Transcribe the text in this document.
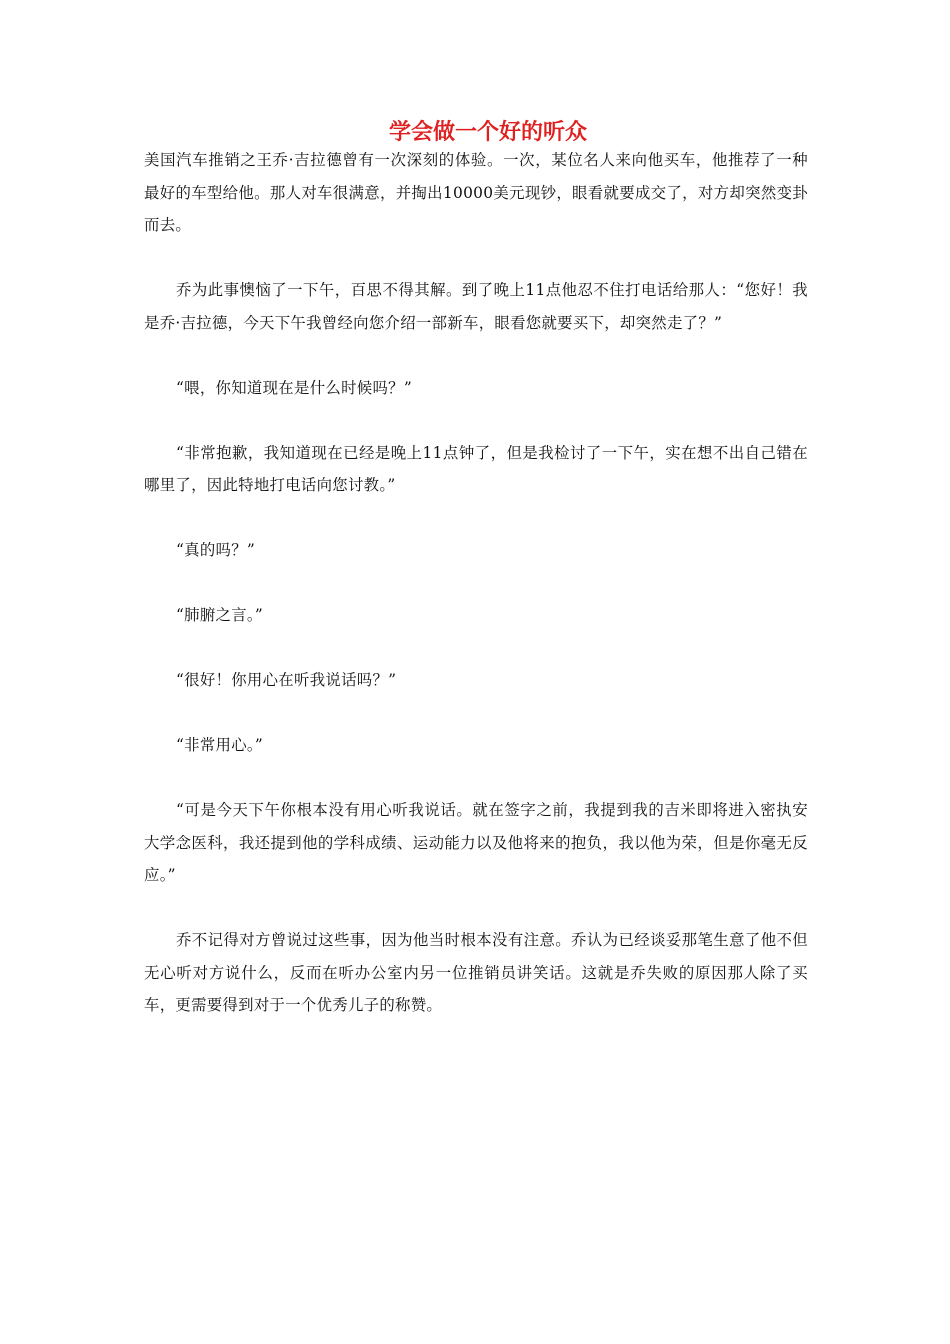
学会做一个好的听众

美国汽车推销之王乔·吉拉德曾有一次深刻的体验。一次，某位名人来向他买车，他推荐了一种最好的车型给他。那人对车很满意，并掏出10000美元现钞，眼看就要成交了，对方却突然变卦而去。

乔为此事懊恼了一下午，百思不得其解。到了晚上11点他忍不住打电话给那人：“您好！我是乔·吉拉德，今天下午我曾经向您介绍一部新车，眼看您就要买下，却突然走了？”

“喂，你知道现在是什么时候吗？”

“非常抱歉，我知道现在已经是晚上11点钟了，但是我检讨了一下午，实在想不出自己错在哪里了，因此特地打电话向您讨教。”

“真的吗？”

“肺腑之言。”

“很好！你用心在听我说话吗？”

“非常用心。”

“可是今天下午你根本没有用心听我说话。就在签字之前，我提到我的吉米即将进入密执安大学念医科，我还提到他的学科成绩、运动能力以及他将来的抱负，我以他为荣，但是你毫无反应。”

乔不记得对方曾说过这些事，因为他当时根本没有注意。乔认为已经谈妥那笔生意了他不但无心听对方说什么，反而在听办公室内另一位推销员讲笑话。这就是乔失败的原因那人除了买车，更需要得到对于一个优秀儿子的称赞。
